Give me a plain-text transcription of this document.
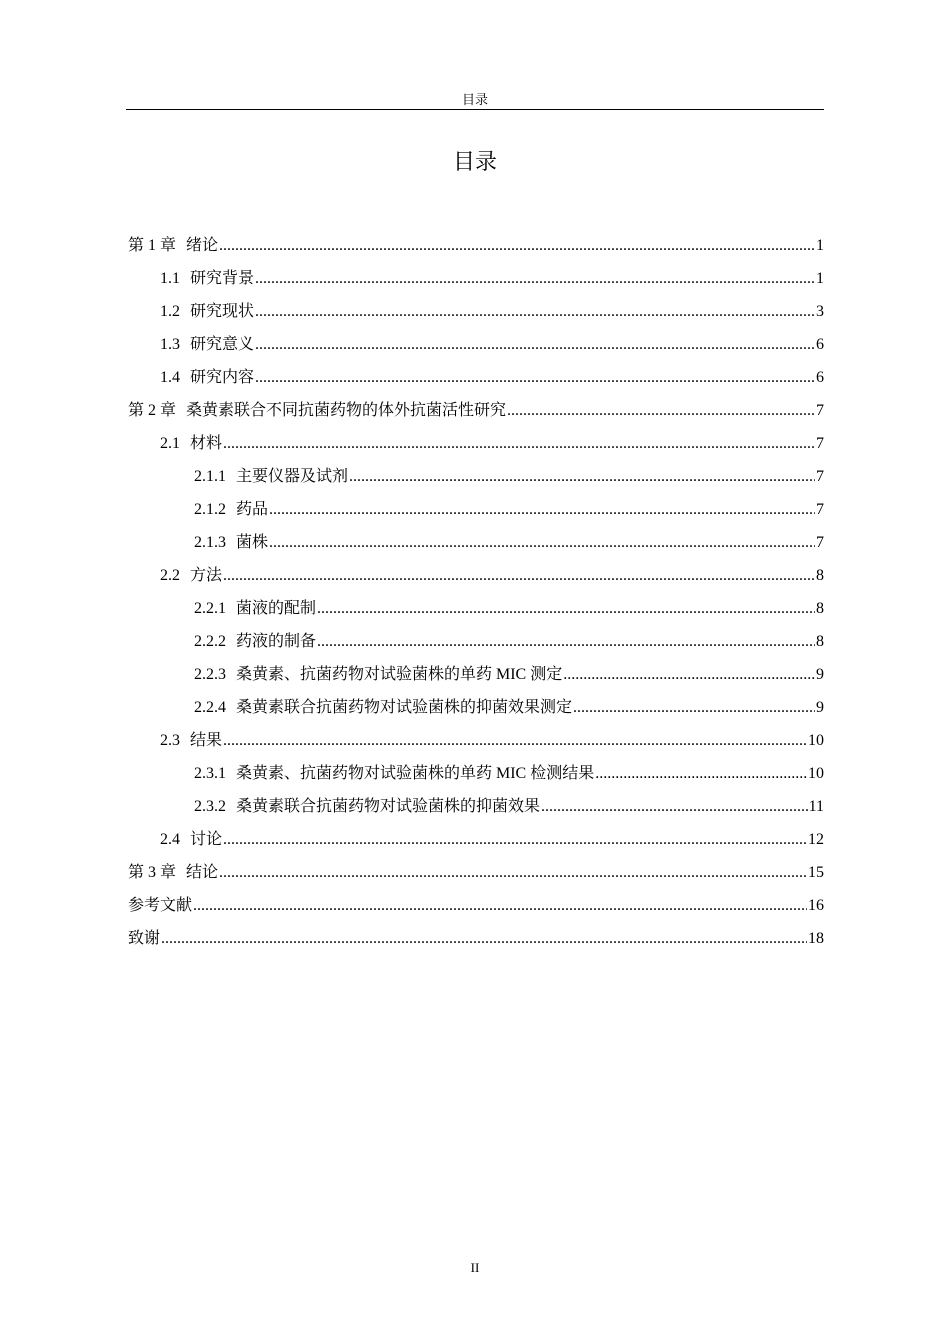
目录
目录
第 1 章 绪论 .....	1
1.1 研究背景 .....	1
1.2 研究现状 .....	3
1.3 研究意义 .....	6
1.4 研究内容 .....	6
第 2 章 桑黄素联合不同抗菌药物的体外抗菌活性研究 .....	7
2.1 材料 .....	7
2.1.1 主要仪器及试剂 .....	7
2.1.2 药品 .....	7
2.1.3 菌株 .....	7
2.2 方法 .....	8
2.2.1 菌液的配制 .....	8
2.2.2 药液的制备 .....	8
2.2.3 桑黄素、抗菌药物对试验菌株的单药 MIC 测定 .....	9
2.2.4 桑黄素联合抗菌药物对试验菌株的抑菌效果测定 .....	9
2.3 结果 .....	10
2.3.1 桑黄素、抗菌药物对试验菌株的单药 MIC 检测结果 .....	10
2.3.2 桑黄素联合抗菌药物对试验菌株的抑菌效果 .....	11
2.4 讨论 .....	12
第 3 章 结论 .....	15
参考文献 .....	16
致谢 .....	18
II
